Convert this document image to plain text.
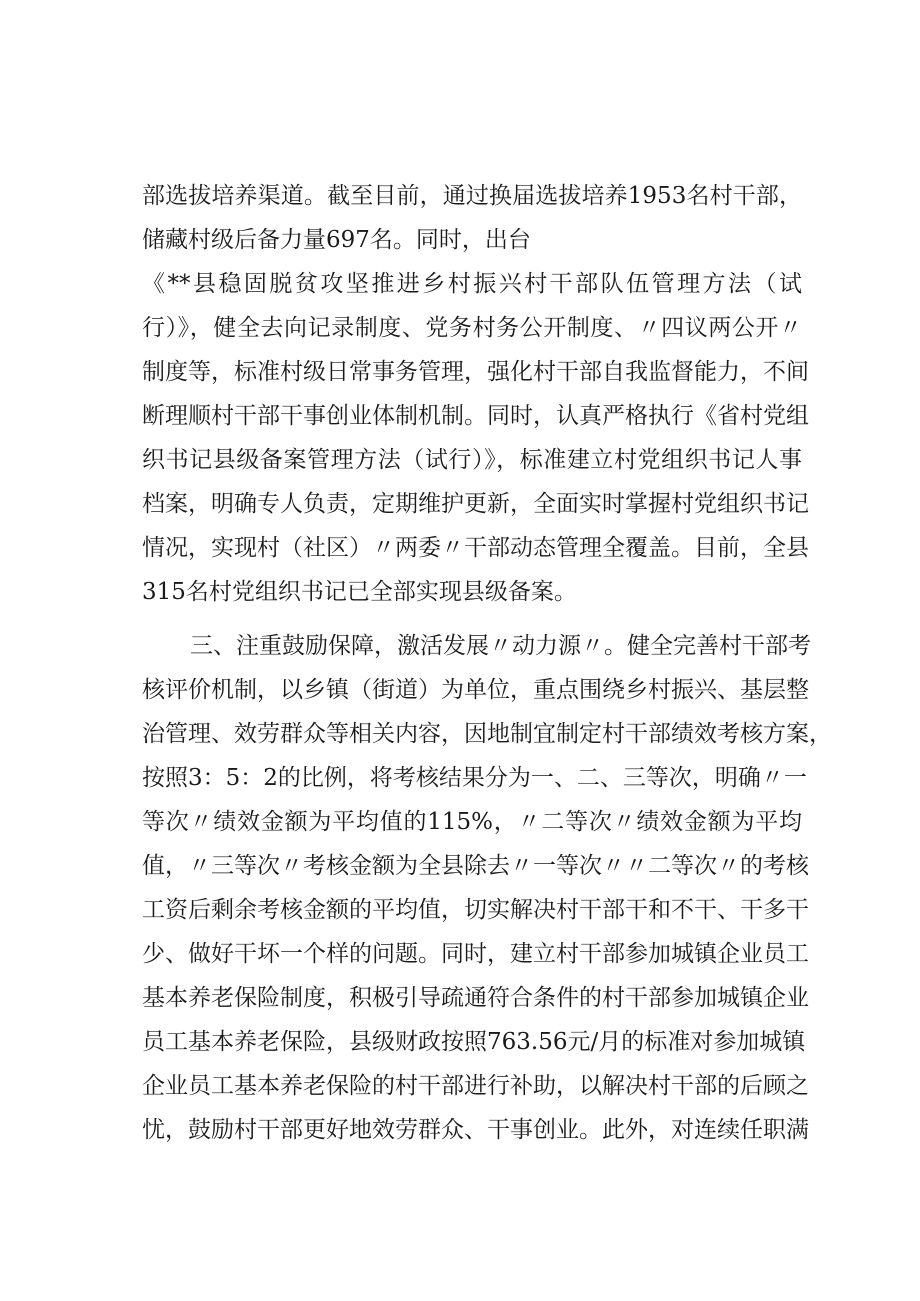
部选拔培养渠道。截至目前，通过换届选拔培养1953名村干部，
储藏村级后备力量697名。同时，出台
《**县稳固脱贫攻坚推进乡村振兴村干部队伍管理方法（试
行）》，健全去向记录制度、党务村务公开制度、〃四议两公开〃
制度等，标准村级日常事务管理，强化村干部自我监督能力，不间
断理顺村干部干事创业体制机制。同时，认真严格执行《省村党组
织书记县级备案管理方法（试行）》，标准建立村党组织书记人事
档案，明确专人负责，定期维护更新，全面实时掌握村党组织书记
情况，实现村（社区）〃两委〃干部动态管理全覆盖。目前，全县
315名村党组织书记已全部实现县级备案。
三、注重鼓励保障，激活发展〃动力源〃。健全完善村干部考
核评价机制，以乡镇（街道）为单位，重点围绕乡村振兴、基层整
治管理、效劳群众等相关内容，因地制宜制定村干部绩效考核方案，
按照3：5：2的比例，将考核结果分为一、二、三等次，明确〃一
等次〃绩效金额为平均值的115%，〃二等次〃绩效金额为平均
值，〃三等次〃考核金额为全县除去〃一等次〃〃二等次〃的考核
工资后剩余考核金额的平均值，切实解决村干部干和不干、干多干
少、做好干坏一个样的问题。同时，建立村干部参加城镇企业员工
基本养老保险制度，积极引导疏通符合条件的村干部参加城镇企业
员工基本养老保险，县级财政按照763.56元/月的标准对参加城镇
企业员工基本养老保险的村干部进行补助，以解决村干部的后顾之
忧，鼓励村干部更好地效劳群众、干事创业。此外，对连续任职满
